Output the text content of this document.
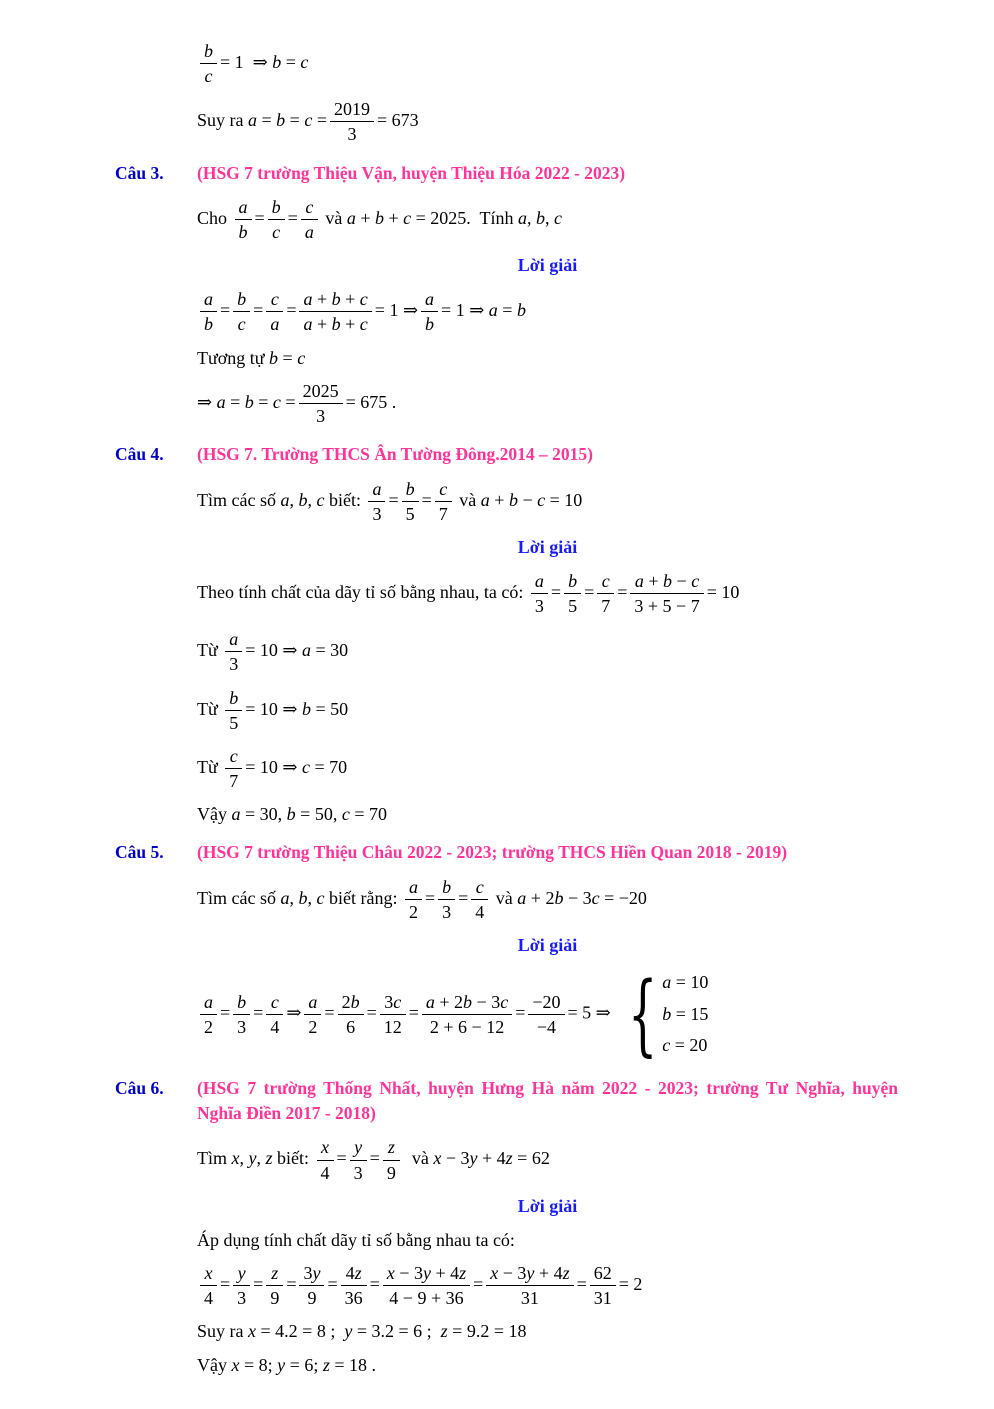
$\frac{b}{c} = 1$ ⇒ b = c
Suy ra $a = b = c = \frac{2019}{3} = 673$
Câu 3. (HSG 7 trường Thiệu Vận, huyện Thiệu Hóa 2022 - 2023)
Cho $\frac{a}{b} = \frac{b}{c} = \frac{c}{a}$ và a + b + c = 2025.  Tính a, b, c
Lời giải
$\frac{a}{b} = \frac{b}{c} = \frac{c}{a} = \frac{a + b + c}{a + b + c} = 1$ ⇒ $\frac{a}{b} = 1$ ⇒ a = b
Tương tự b = c
⇒ $a = b = c = \frac{2025}{3} = 675$ .
Câu 4. (HSG 7. Trường THCS Ân Tường Đông.2014 – 2015)
Tìm các số a, b, c biết: $\frac{a}{3} = \frac{b}{5} = \frac{c}{7}$ và a + b − c = 10
Lời giải
Theo tính chất của dãy tỉ số bằng nhau, ta có: $\frac{a}{3} = \frac{b}{5} = \frac{c}{7} = \frac{a + b - c}{3 + 5 - 7} = 10$
Từ $\frac{a}{3} = 10$ ⇒ a = 30
Từ $\frac{b}{5} = 10$ ⇒ b = 50
Từ $\frac{c}{7} = 10$ ⇒ c = 70
Vậy a = 30, b = 50, c = 70
Câu 5. (HSG 7 trường Thiệu Châu 2022 - 2023; trường THCS Hiền Quan 2018 - 2019)
Tìm các số a, b, c biết rằng: $\frac{a}{2} = \frac{b}{3} = \frac{c}{4}$ và a + 2b − 3c = −20
Lời giải
$\frac{a}{2} = \frac{b}{3} = \frac{c}{4}$ ⇒ $\frac{a}{2} = \frac{2b}{6} = \frac{3c}{12} = \frac{a + 2b - 3c}{2 + 6 - 12} = \frac{-20}{-4} = 5$ ⇒ { a = 10
b = 15
c = 20
Câu 6. (HSG 7 trường Thống Nhất, huyện Hưng Hà năm 2022 - 2023; trường Tư Nghĩa, huyện Nghĩa Điền 2017 - 2018)
Tìm x, y, z biết: $\frac{x}{4} = \frac{y}{3} = \frac{z}{9}$ và x − 3y + 4z = 62
Lời giải
Áp dụng tính chất dãy tỉ số bằng nhau ta có:
$\frac{x}{4} = \frac{y}{3} = \frac{z}{9} = \frac{3y}{9} = \frac{4z}{36} = \frac{x - 3y + 4z}{4 - 9 + 36} = \frac{x - 3y + 4z}{31} = \frac{62}{31} = 2$
Suy ra x = 4.2 = 8 ; y = 3.2 = 6 ; z = 9.2 = 18
Vậy x = 8; y = 6; z = 18 .
